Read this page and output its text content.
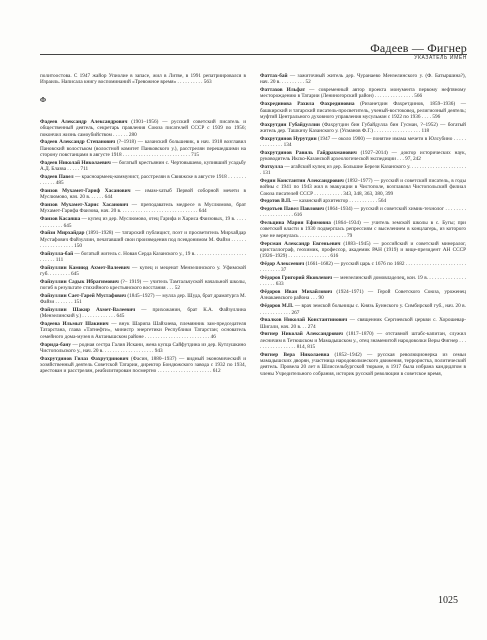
Фадеев — Фигнер
УКАЗАТЕЛЬ ИМЕН
политоостова. С 1947 жайор Упиолие в запасе, жил в Литве, в 1991 репатриировался в Израиль. Написала книгу воспоминаний «Тревожное время» . . . . . . . . . . 563
Ф
Фадеев Александр Александрович (1901–1956) — русский советский писатель и общественный деятель, секретарь правления Союза писателей СССР с 1939 по 1956; покончил жизнь самоубийством . . . . . . 280
Фадеев Александр Степанович (?–1918) — казанский большевик, в нач. 1918 возглавил Пановский волостьком (волостной комитет Панковского у.), расстрелян перешедшими на сторону повстанцами в августе 1918 . . . . . . . . . . . . . . . . . . . . . . . . . . 715
Фадеев Николай Николаевич — богатый крестьянин с. Чертовышево, купивший усадьбу А.Д. Блазва . . . . . 711
Фадеев Павел — красноармеец-коммунист, расстрелян в Свияжске в августе 1918 . . . . . . . . . . . . . 485
Фаизов Мухамет-Гариф Хасанович — имам-хатыб Первой соборной мечети в Муслюмово, нач. 20 в. . . . . . 644
Фаизов Мухамет-Харис Хасанович — преподаватель медресе в Муслюмово, брат Мухамет-Гарифа Фаизова, нач. 20 в. . . . . . . . . . . . . . . . . . . . . . . . . . . . . . 644
Фаизов Касаяша — купец из дер. Муслюмово, отец Гарифа и Хариса Фаизовых, 19 в. . . . . . . . . . . . . . 645
Файзи Мирхайдар (1891–1928) — татарский публицист, поэт и просветитель Мирхайдар Мустафович Файзуллин, печатавший свои произведения под псевдонимом М. Файзи . . . . . . . . . . . . . . . . . . . 150
Файзулла-бай — богатый житель с. Новая Серда Казанского у., 19 в. . . . . . . . . . . . . . . . . . . . . . . . . . 111
Файзуллин Камиюд Ахмет-Валеевич — купец и меценат Мензелинского у. Уфимской губ. . . . . . . . . 645
Файзуллин Садык Ибрагимович (?– 1919) — учитель Тамтальчуской начальной школы, погиб в результате стихийного крестьянского восстания . . . 52
Файзуллин Сает-Гарей Мустафович (1845–1927) — мулла дер. Шуда, брат драматурга М. Файзи . . . . . . . 151
Файзуллин Шакир Ахмет-Валеевич — прихожанин, брат К.А. Файзуллина (Мензелинский у.) . . . . . . . . . . . . . 645
Фадеева Ильмыт Шакинич — внук Шарипа Шайхиева, племянник зам-председателя Татарстана, глава «Татнефти», министр энергетики Республики Татарстан; основатель семейного дома-музея в Актанышском районе . . . . . . . . . . . . . . . . . . . . . . . . . 46
Фарида-бану — родная сестра Галия Искани, жена купца Сайфутдина из дер. Кутлушкино Чистопольского у., нач. 20 в. . . . . . . . . . . . . . . . . . . . 943
Фахрутдинов Гилаз Фахрутдинович (Фасин, 1880–1937) — видный экономический и хозяйственный деятель Советской Татарии, директор Бондюжского завода с 1932 по 1934, арестован и расстрелян, реабилитирован посмертно . . . . . . . . . . . . . . . . . . . . . 612
Фаттах-бай — зажиточный житель дер. Чуранаево Мензелинского у. (Ф. Батыршина?), нач. 20 в. . . . . . . . . . 52
Фаттахов Ильфат — современный автор проекта монумента первому нефтяному месторождению в Татарии (Лениногорский район) . . . . . . . . . . . . . . . 566
Фахрединова Рахила Фахрединовна (Ризанетдин Фахретдинов, 1859–1936) — башкирский и татарский писатель-просветитель, ученый-востоковед, религиозный деятель; муфтий Центрального духовного управления мусульман с 1922 по 1936 . . . . 596
Фахрутдин Губайдуллин (Фахрутдин бин Губайдулла бин Гусман, ?–1952) — богатый житель дер. Ташкичу Казанского у. (Усманов Ф.Г.) . . . . . . . . . . . . . . . . . . 118
Фахрутдинов Нурутдин (1947 — около 1900) — понятие имама мечети в Юлсубино . . . . . . . . . . . . . . 134
Фахрутдинов Равиль Гайдрахманович (1927–2014) — доктор исторических наук, руководитель Икско-Казанской археологической экспедиции . . . 97, 242
Фатхулла — агайский купец из дер. Большие Берези Казанского у. . . . . . . . . . . . . . . . . . . . . . . 131
Федин Константин Александрович (1892–1977) — русский и советский писатель, в годы войны с 1941 по 1943 жил в эвакуации в Чистополе, возглавлял Чистопольский филиал Союза писателей СССР . . . . . . . . . . . 343, 348, 363, 380, 399
Федотов В.П. — казанский архитектор . . . . . . . . . . . 564
Федотьев Павел Павлович (1864–1934) — русский и советский химик-технолог . . . . . . . . . . . . . . . . . . . . . 616
Фельцина Мария Ефимовна (1864–1934) — учитель земской школы в с. Бугы; при советской власти в 1930 подверглась репрессиям с выселением в концлагерь, из которого уже не вернулась . . . . . . . . . . . . . . . . . . 79
Ферсман Александр Евгеньевич (1883–1945) — российский и советский минералог, кристаллограф, геохимик, профессор, академик РАН (1919) и вице-президент АН СССР (1926–1929) . . . . . . . . . . . . . . . . 616
Фёдор Алексеевич (1661–1682) — русский царь с 1676 по 1682 . . . . . . . . . . . . . . . . . . . . . . . . . . . . . . . 37
Фёдоров Григорий Яковлевич — мензелинский домовладелец, кон. 19 в. . . . . . . . . . . . . . . . . . . . . 633
Фёдоров Иван Михайлович (1924–1971) — Герой Советского Союза, уроженец Азнакаевского района . . . 90
Фёдоров М.П. — врач земской больницы с. Князь Буинского у. Симбирской губ., нач. 20 в. . . . . . . . . . . . . 267
Фиалков Николай Константинович — священник Сергиевской церкви с. Хорошевар-Шигали, нач. 20 в. . . 274
Фигнер Николай Александрович (1817–1870) — отставной штабс-капитан, служил лесничим в Тетюшском и Мамадышском у., отец знаменитой народоволки Веры Фигнер . . . . . . . . . . . . . . . . . 814, 815
Фигнер Вера Николаевна (1852–1942) — русская революционерка из семьи мамадышских дворян, участница народовольческого движения, террористка, политический деятель. Провела 20 лет в Шлиссельбургской тюрьме, в 1917 была избрана кандидатом в члены Учредительного собрания, историк русской революции в советское время,
1025
